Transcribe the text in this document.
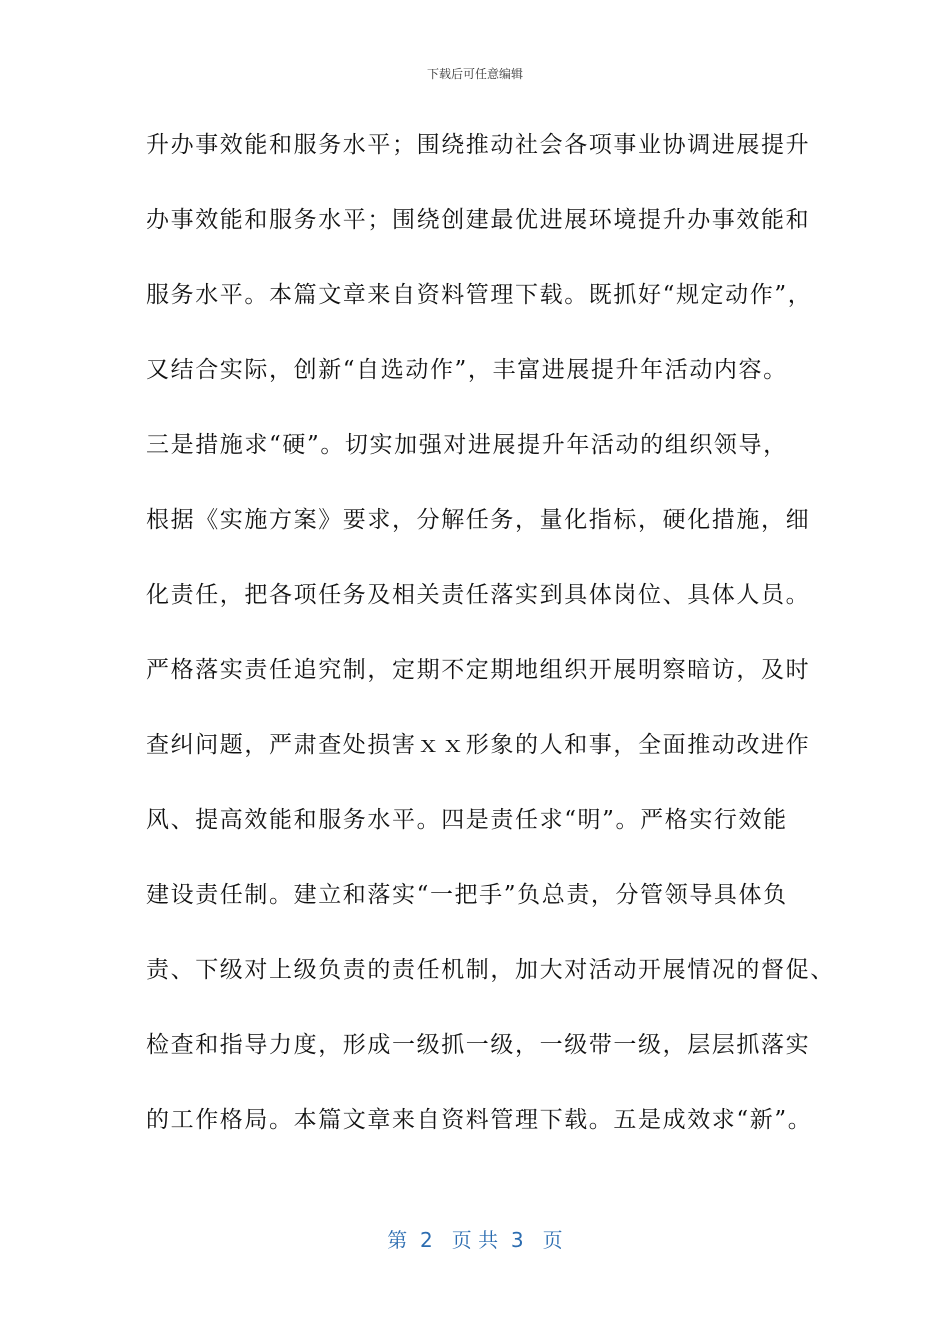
下载后可任意编辑
升办事效能和服务水平；围绕推动社会各项事业协调进展提升
办事效能和服务水平；围绕创建最优进展环境提升办事效能和
服务水平。本篇文章来自资料管理下载。既抓好“规定动作”，
又结合实际，创新“自选动作”，丰富进展提升年活动内容。
三是措施求“硬”。切实加强对进展提升年活动的组织领导，
根据《实施方案》要求，分解任务，量化指标，硬化措施，细
化责任，把各项任务及相关责任落实到具体岗位、具体人员。
严格落实责任追究制，定期不定期地组织开展明察暗访，及时
查纠问题，严肃查处损害ｘｘ形象的人和事，全面推动改进作
风、提高效能和服务水平。四是责任求“明”。严格实行效能
建设责任制。建立和落实“一把手”负总责，分管领导具体负
责、下级对上级负责的责任机制，加大对活动开展情况的督促、
检查和指导力度，形成一级抓一级，一级带一级，层层抓落实
的工作格局。本篇文章来自资料管理下载。五是成效求“新”。
第  2   页 共  3   页
